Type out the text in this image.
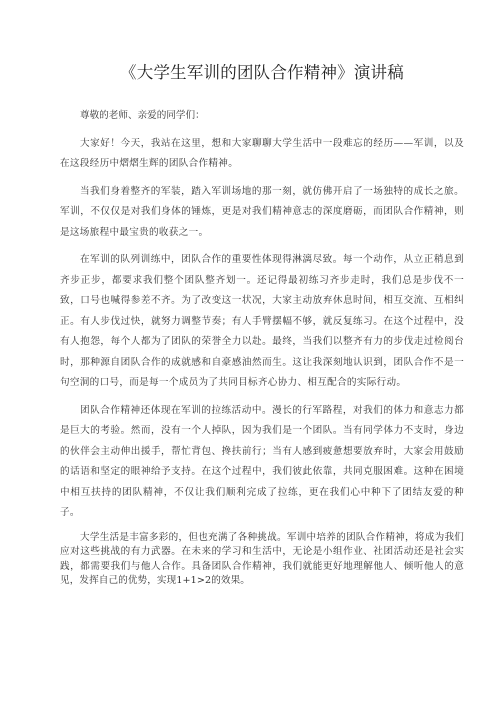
《大学生军训的团队合作精神》演讲稿

尊敬的老师、亲爱的同学们：

大家好！今天，我站在这里，想和大家聊聊大学生活中一段难忘的经历——军训，以及在这段经历中熠熠生辉的团队合作精神。

当我们身着整齐的军装，踏入军训场地的那一刻，就仿佛开启了一场独特的成长之旅。军训，不仅仅是对我们身体的锤炼，更是对我们精神意志的深度磨砺，而团队合作精神，则是这场旅程中最宝贵的收获之一。

在军训的队列训练中，团队合作的重要性体现得淋漓尽致。每一个动作，从立正稍息到齐步正步，都要求我们整个团队整齐划一。还记得最初练习齐步走时，我们总是步伐不一致，口号也喊得参差不齐。为了改变这一状况，大家主动放弃休息时间，相互交流、互相纠正。有人步伐过快，就努力调整节奏；有人手臂摆幅不够，就反复练习。在这个过程中，没有人抱怨，每个人都为了团队的荣誉全力以赴。最终，当我们以整齐有力的步伐走过检阅台时，那种源自团队合作的成就感和自豪感油然而生。这让我深刻地认识到，团队合作不是一句空洞的口号，而是每一个成员为了共同目标齐心协力、相互配合的实际行动。

团队合作精神还体现在军训的拉练活动中。漫长的行军路程，对我们的体力和意志力都是巨大的考验。然而，没有一个人掉队，因为我们是一个团队。当有同学体力不支时，身边的伙伴会主动伸出援手，帮忙背包、搀扶前行；当有人感到疲惫想要放弃时，大家会用鼓励的话语和坚定的眼神给予支持。在这个过程中，我们彼此依靠，共同克服困难。这种在困境中相互扶持的团队精神，不仅让我们顺利完成了拉练，更在我们心中种下了团结友爱的种子。

大学生活是丰富多彩的，但也充满了各种挑战。军训中培养的团队合作精神，将成为我们应对这些挑战的有力武器。在未来的学习和生活中，无论是小组作业、社团活动还是社会实践，都需要我们与他人合作。具备团队合作精神，我们就能更好地理解他人、倾听他人的意见，发挥自己的优势，实现1+1>2的效果。
